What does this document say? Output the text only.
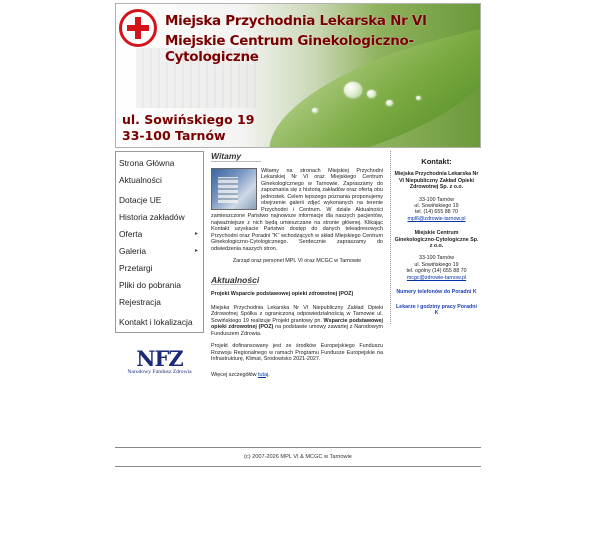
Miejska Przychodnia Lekarska Nr VI
Miejskie Centrum Ginekologiczno-Cytologiczne
ul. Sowińskiego 19
33-100 Tarnów
Strona Główna
Aktualności
Dotacje UE
Historia zakładów
Oferta	▸
Galeria	▸
Przetargi
Pliki do pobrania
Rejestracja
Kontakt i lokalizacja
NFZ
Narodowy Fundusz Zdrowia
Witamy

Witamy na stronach Miejskiej Przychodni Lekarskiej Nr VI oraz Miejskiego Centrum Ginekologicznego w Tarnowie. Zapraszamy do zapoznania się z historią zakładów oraz ofertą obu jednostek. Celem lepszego poznania proponujemy obejrzenie galerii zdjęć wykonanych na terenie Przychodni i Centrum. W dziale Aktualności zamieszczone Państwo najnowsze informacje dla naszych pacjentów, najważniejsze z nich będą umieszczane na stronie głównej. Klikając Kontakt uzyskacie Państwo dostęp do danych teleadresowych Przychodni oraz Poradni "K" wchodzących w skład Miejskiego Centrum Ginekologiczno-Cytologicznego. Serdecznie zapraszamy do odwiedzenia naszych stron.

Zarząd oraz personel MPL VI oraz MCGC w Tarnowie

Aktualności

Projekt Wsparcie podstawowej opieki zdrowotnej (POZ)

Miejska Przychodnia Lekarska Nr VI Niepubliczny Zakład Opieki Zdrowotnej Spółka z ograniczoną odpowiedzialnością w Tarnowie ul. Sowińskiego 19 realizuje Projekt grantowy pn. Wsparcie podstawowej opieki zdrowotnej (POZ) na podstawie umowy zawartej z Narodowym Funduszem Zdrowia.

Projekt dofinansowany jest ze środków Europejskiego Funduszu Rozwoju Regionalnego w ramach Programu Fundusze Europejskie na Infrastrukturę, Klimat, Środowisko 2021-2027.

Więcej szczegółów tutaj.

Kontakt:
Miejska Przychodnia Lekarska Nr VI Niepubliczny Zakład Opieki Zdrowotnej Sp. z o.o.
33-100 Tarnów
ul. Sowińskiego 19
tel. (14) 655 88 70
mpl6@zdrowie-tarnow.pl
Miejskie Centrum Ginekologiczno-Cytologiczne Sp. z o.o.
33-100 Tarnów
ul. Sowińskiego 19
tel. ogólny (14) 655 88 70
mcgc@zdrowie-tarnow.pl
Numery telefonów do Poradni K
Lekarze i godziny pracy Poradni K
(c) 2007-2026 MPL VI & MCGC w Tarnowie
